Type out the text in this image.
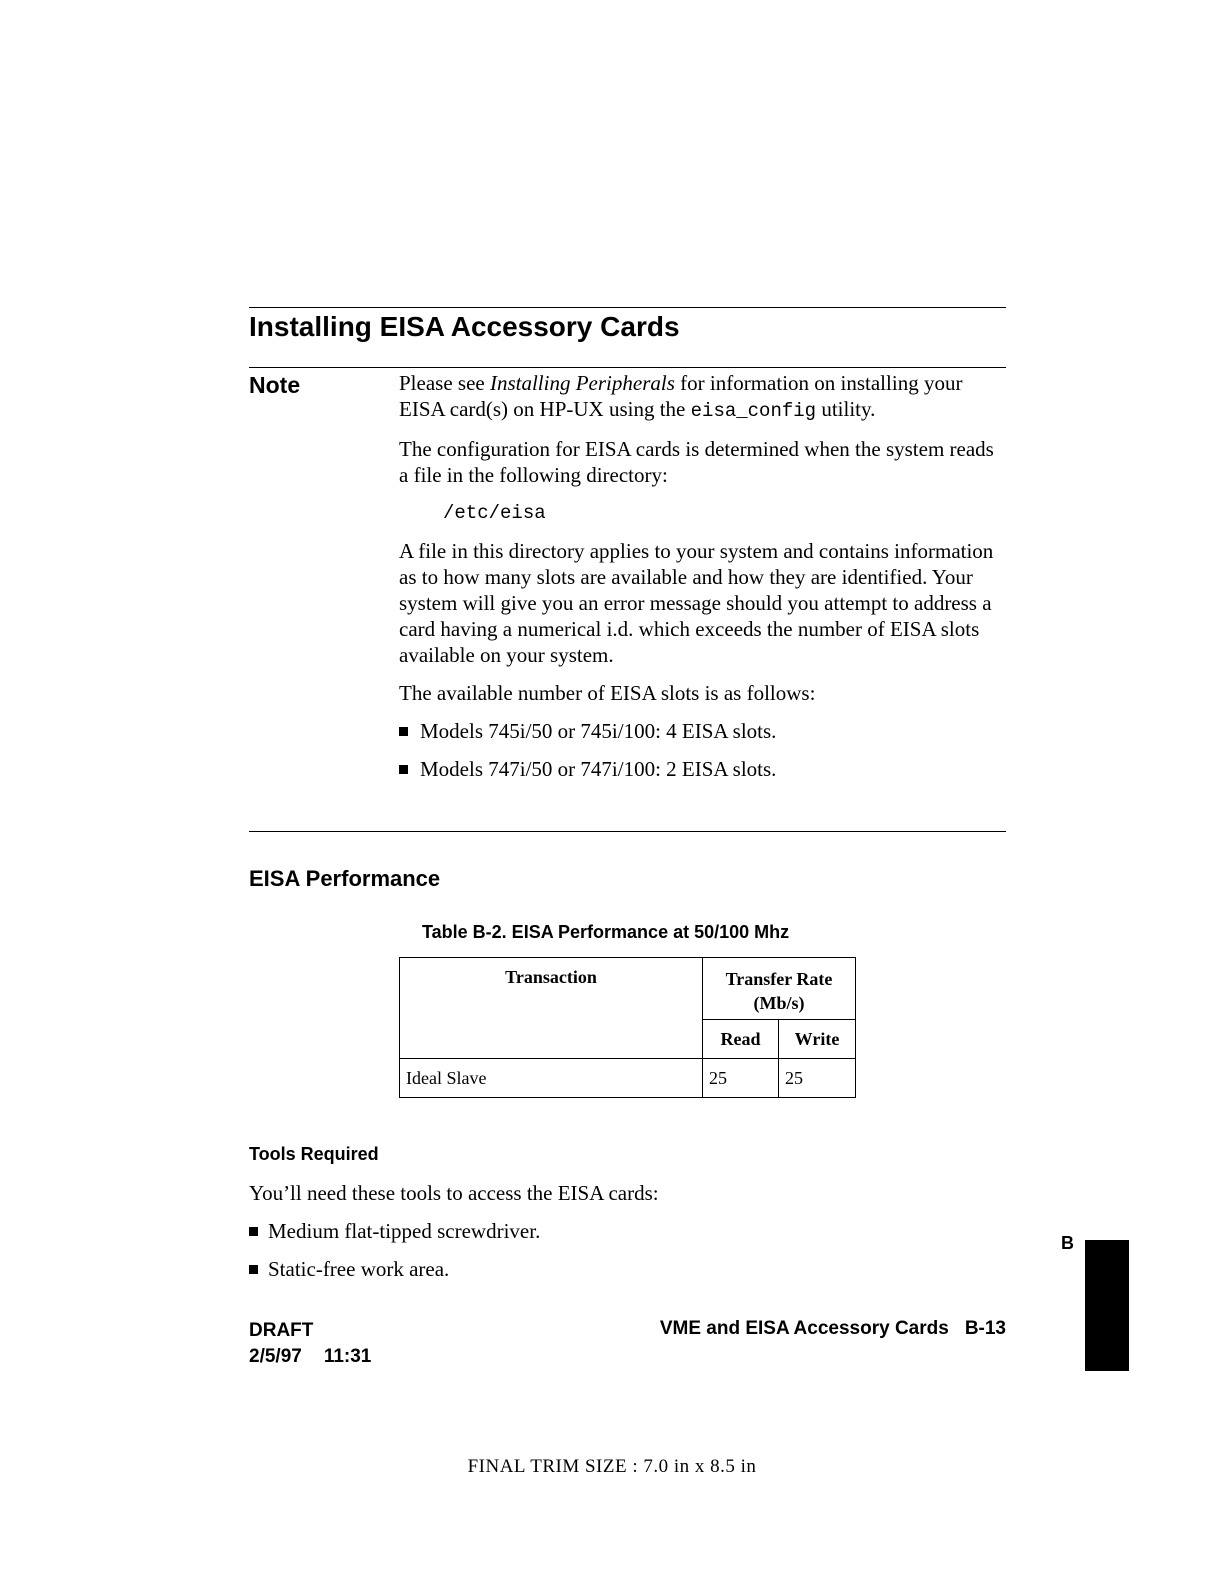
Installing EISA Accessory Cards
Note	Please see Installing Peripherals for information on installing your EISA card(s) on HP-UX using the eisa_config utility.

The configuration for EISA cards is determined when the system reads a file in the following directory:

/etc/eisa

A file in this directory applies to your system and contains information as to how many slots are available and how they are identified. Your system will give you an error message should you attempt to address a card having a numerical i.d. which exceeds the number of EISA slots available on your system.

The available number of EISA slots is as follows:

Models 745i/50 or 745i/100: 4 EISA slots.
Models 747i/50 or 747i/100: 2 EISA slots.
EISA Performance
Table B-2. EISA Performance at 50/100 Mhz
Transaction	Transfer Rate (Mb/s)	
	Read	Write
Ideal Slave	25	25
Tools Required

You’ll need these tools to access the EISA cards:

Medium flat-tipped screwdriver.
Static-free work area.
B
DRAFT
2/5/97 11:31
VME and EISA Accessory Cards B-13
FINAL TRIM SIZE : 7.0 in x 8.5 in
